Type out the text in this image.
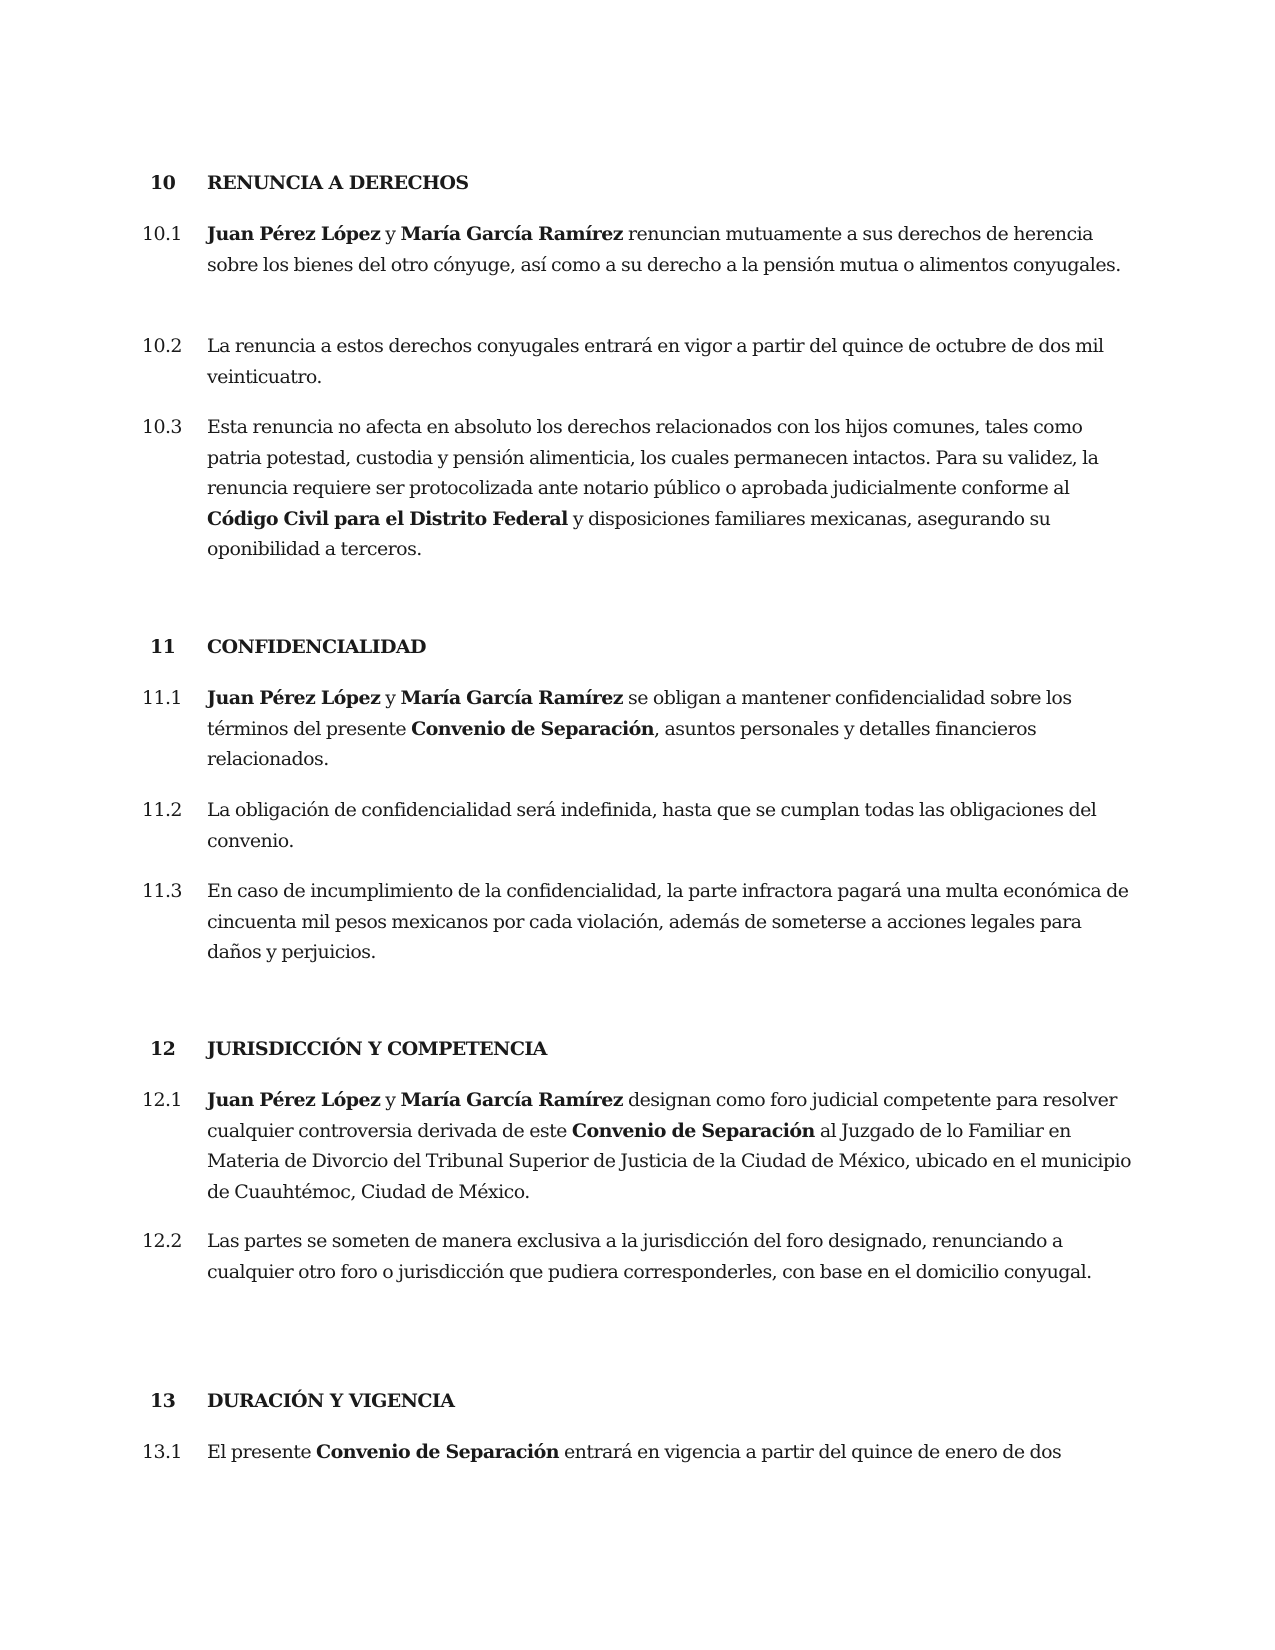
10	RENUNCIA A DERECHOS
10.1	Juan Pérez López y María García Ramírez renuncian mutuamente a sus derechos de herencia sobre los bienes del otro cónyuge, así como a su derecho a la pensión mutua o alimentos conyugales.
10.2	La renuncia a estos derechos conyugales entrará en vigor a partir del quince de octubre de dos mil veinticuatro.
10.3	Esta renuncia no afecta en absoluto los derechos relacionados con los hijos comunes, tales como patria potestad, custodia y pensión alimenticia, los cuales permanecen intactos. Para su validez, la renuncia requiere ser protocolizada ante notario público o aprobada judicialmente conforme al Código Civil para el Distrito Federal y disposiciones familiares mexicanas, asegurando su oponibilidad a terceros.
11	CONFIDENCIALIDAD
11.1	Juan Pérez López y María García Ramírez se obligan a mantener confidencialidad sobre los términos del presente Convenio de Separación, asuntos personales y detalles financieros relacionados.
11.2	La obligación de confidencialidad será indefinida, hasta que se cumplan todas las obligaciones del convenio.
11.3	En caso de incumplimiento de la confidencialidad, la parte infractora pagará una multa económica de cincuenta mil pesos mexicanos por cada violación, además de someterse a acciones legales para daños y perjuicios.
12	JURISDICCIÓN Y COMPETENCIA
12.1	Juan Pérez López y María García Ramírez designan como foro judicial competente para resolver cualquier controversia derivada de este Convenio de Separación al Juzgado de lo Familiar en Materia de Divorcio del Tribunal Superior de Justicia de la Ciudad de México, ubicado en el municipio de Cuauhtémoc, Ciudad de México.
12.2	Las partes se someten de manera exclusiva a la jurisdicción del foro designado, renunciando a cualquier otro foro o jurisdicción que pudiera corresponderles, con base en el domicilio conyugal.
13	DURACIÓN Y VIGENCIA
13.1	El presente Convenio de Separación entrará en vigencia a partir del quince de enero de dos
